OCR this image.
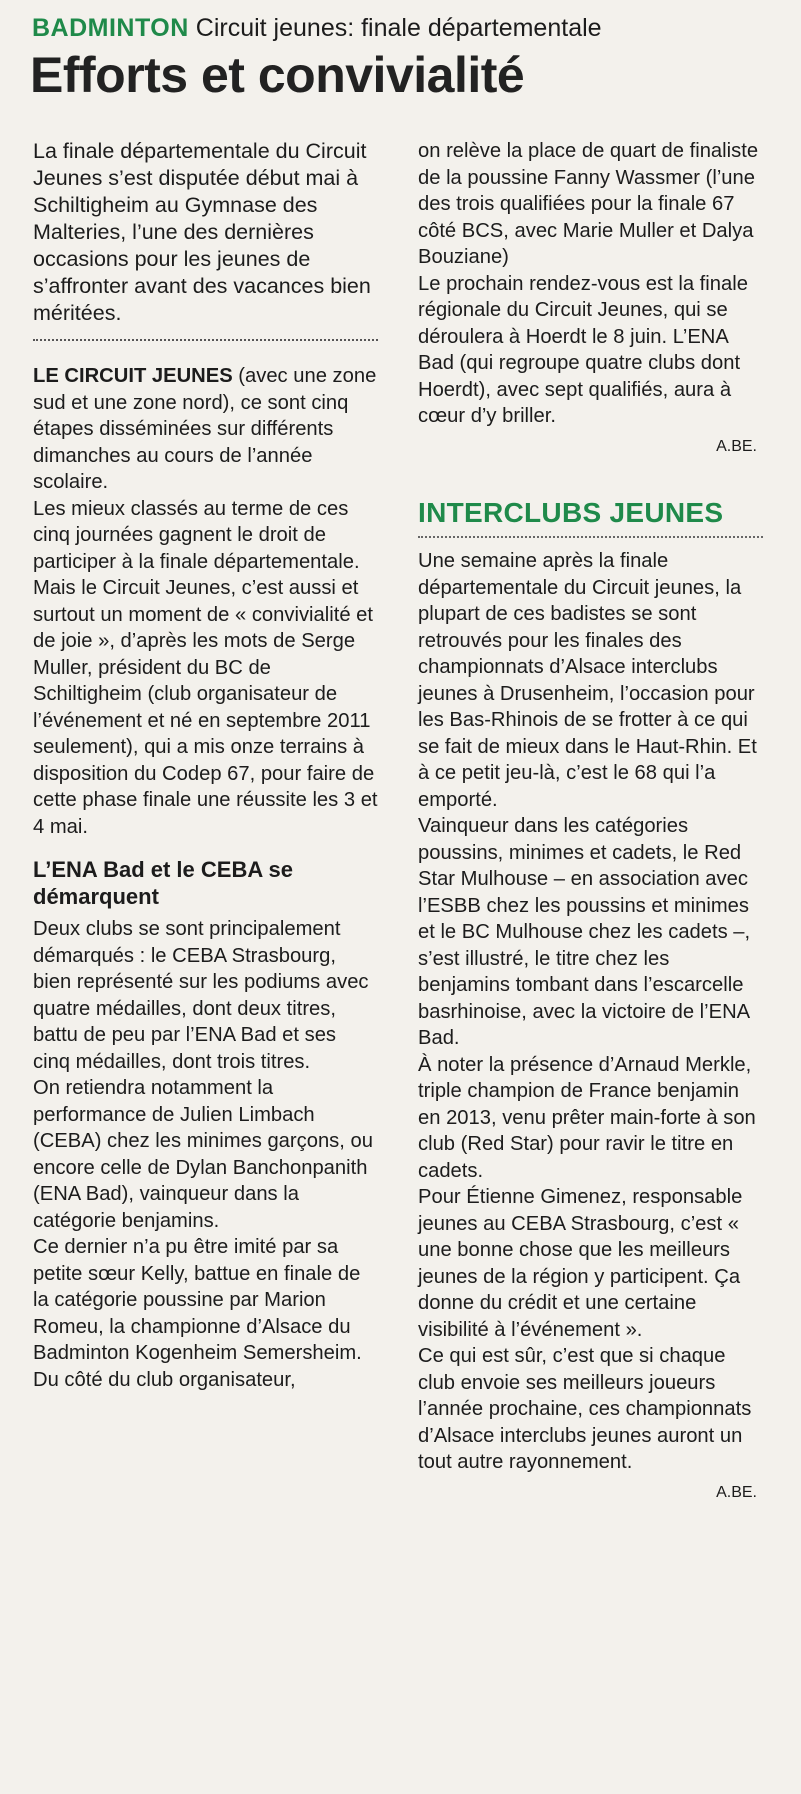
BADMINTON Circuit jeunes: finale départementale
Efforts et convivialité

La finale départementale du Circuit Jeunes s’est disputée début mai à Schiltigheim au Gymnase des Malteries, l’une des dernières occasions pour les jeunes de s’affronter avant des vacances bien méritées.

LE CIRCUIT JEUNES (avec une zone sud et une zone nord), ce sont cinq étapes disséminées sur différents dimanches au cours de l’année scolaire.

Les mieux classés au terme de ces cinq journées gagnent le droit de participer à la finale départementale.

Mais le Circuit Jeunes, c’est aussi et surtout un moment de « convivialité et de joie », d’après les mots de Serge Muller, président du BC de Schiltigheim (club organisateur de l’événement et né en septembre 2011 seulement), qui a mis onze terrains à disposition du Codep 67, pour faire de cette phase finale une réussite les 3 et 4 mai.

L’ENA Bad et le CEBA se démarquent

Deux clubs se sont principalement démarqués : le CEBA Strasbourg, bien représenté sur les podiums avec quatre médailles, dont deux titres, battu de peu par l’ENA Bad et ses cinq médailles, dont trois titres.

On retiendra notamment la performance de Julien Limbach (CEBA) chez les minimes garçons, ou encore celle de Dylan Banchonpanith (ENA Bad), vainqueur dans la catégorie benjamins.

Ce dernier n’a pu être imité par sa petite sœur Kelly, battue en finale de la catégorie poussine par Marion Romeu, la championne d’Alsace du Badminton Kogenheim Semersheim.

Du côté du club organisateur,

on relève la place de quart de finaliste de la poussine Fanny Wassmer (l’une des trois qualifiées pour la finale 67 côté BCS, avec Marie Muller et Dalya Bouziane)

Le prochain rendez-vous est la finale régionale du Circuit Jeunes, qui se déroulera à Hoerdt le 8 juin. L’ENA Bad (qui regroupe quatre clubs dont Hoerdt), avec sept qualifiés, aura à cœur d’y briller.

A.BE.

INTERCLUBS JEUNES

Une semaine après la finale départementale du Circuit jeunes, la plupart de ces badistes se sont retrouvés pour les finales des championnats d’Alsace interclubs jeunes à Drusenheim, l’occasion pour les Bas-Rhinois de se frotter à ce qui se fait de mieux dans le Haut-Rhin. Et à ce petit jeu-là, c’est le 68 qui l’a emporté.

Vainqueur dans les catégories poussins, minimes et cadets, le Red Star Mulhouse – en association avec l’ESBB chez les poussins et minimes et le BC Mulhouse chez les cadets –, s’est illustré, le titre chez les benjamins tombant dans l’escarcelle basrhinoise, avec la victoire de l’ENA Bad.

À noter la présence d’Arnaud Merkle, triple champion de France benjamin en 2013, venu prêter main-forte à son club (Red Star) pour ravir le titre en cadets.

Pour Étienne Gimenez, responsable jeunes au CEBA Strasbourg, c’est « une bonne chose que les meilleurs jeunes de la région y participent. Ça donne du crédit et une certaine visibilité à l’événement ».

Ce qui est sûr, c’est que si chaque club envoie ses meilleurs joueurs l’année prochaine, ces championnats d’Alsace interclubs jeunes auront un tout autre rayonnement.

A.BE.
